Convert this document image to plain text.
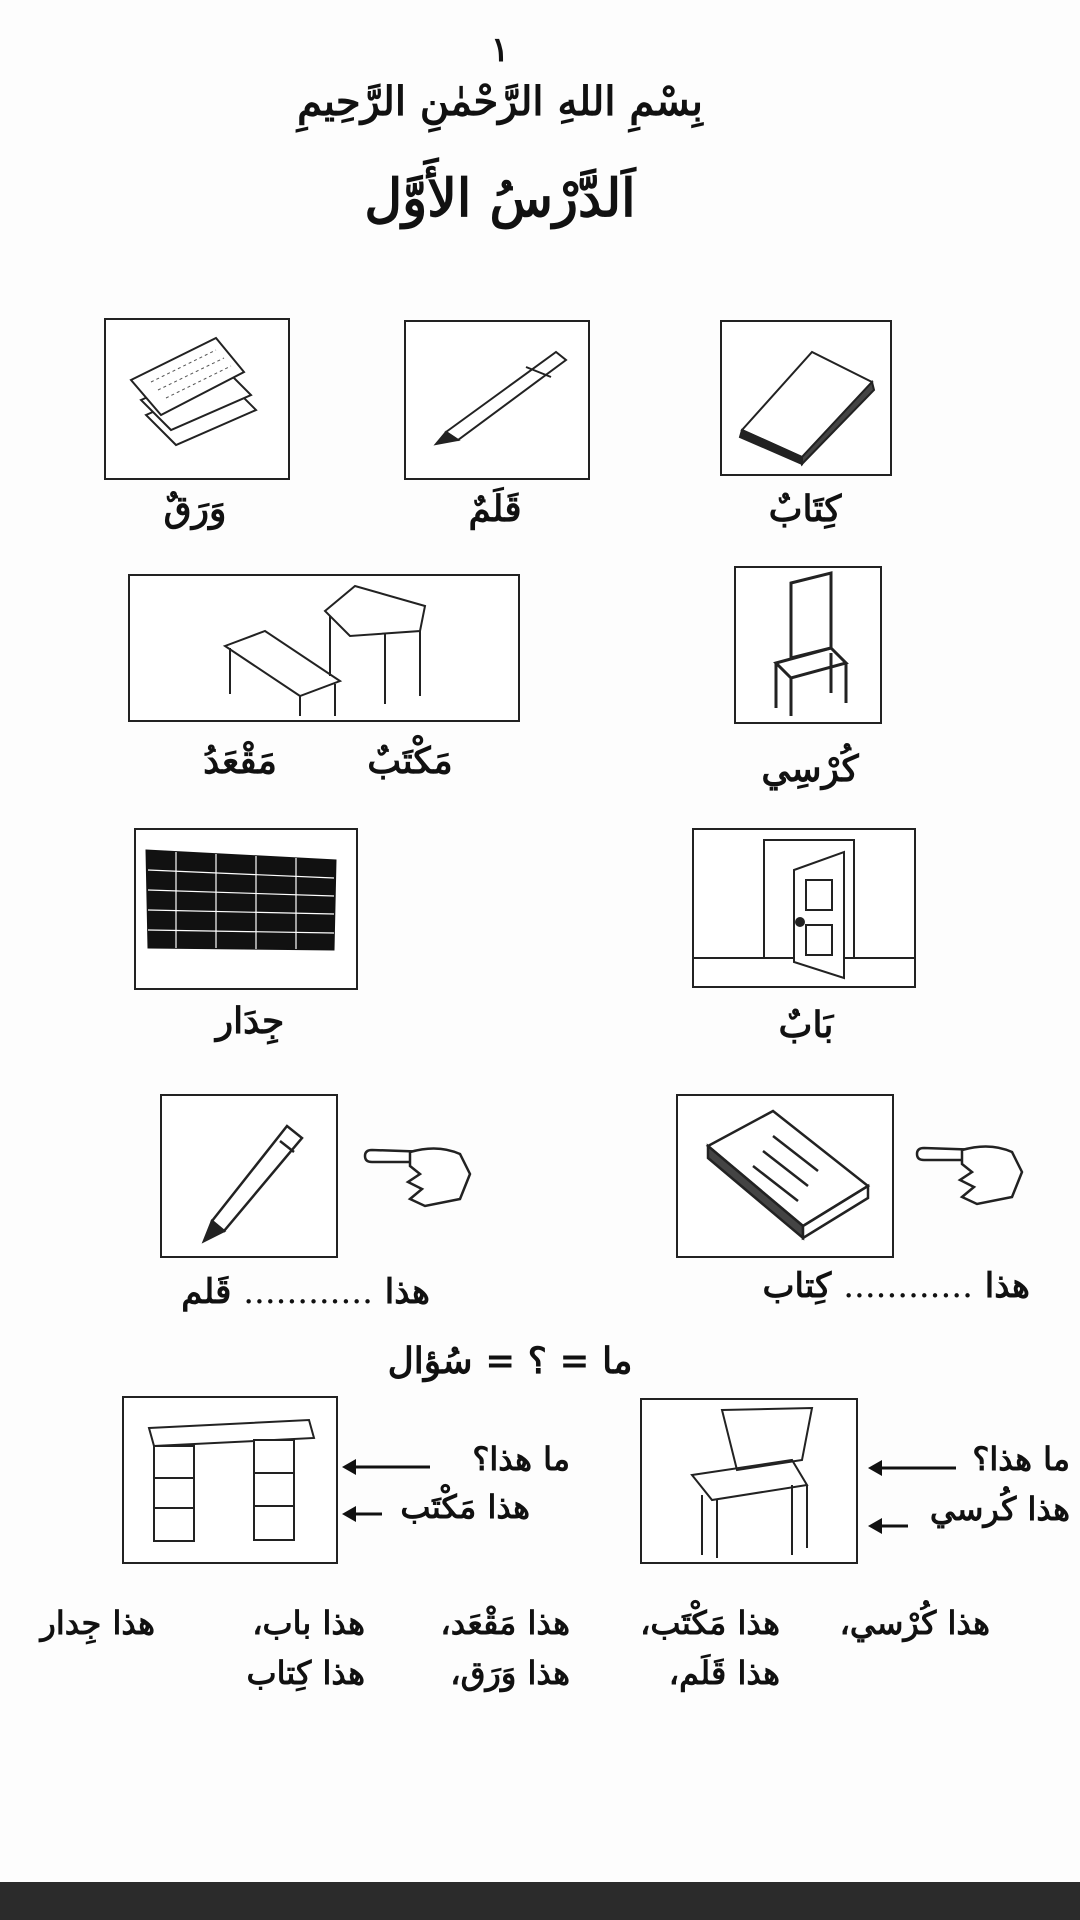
١
بِسْمِ اللهِ الرَّحْمٰنِ الرَّحِيمِ
اَلدَّرْسُ الأَوَّل
وَرَقٌ	قَلَمٌ	كِتَابٌ
مَقْعَدُ	مَكْتَبٌ	كُرْسِي
جِدَار	بَابٌ
هذا ............ قَلم	هذا ............ كِتاب
ما = ؟ = سُؤال
ما هذا؟
هذا مَكْتَب
ما هذا؟
هذا كُرسي
هذا كُرْسي،
هذا مَكْتَب،
هذا مَقْعَد،
هذا باب،
هذا جِدار
هذا قَلَم،
هذا وَرَق،
هذا كِتاب
